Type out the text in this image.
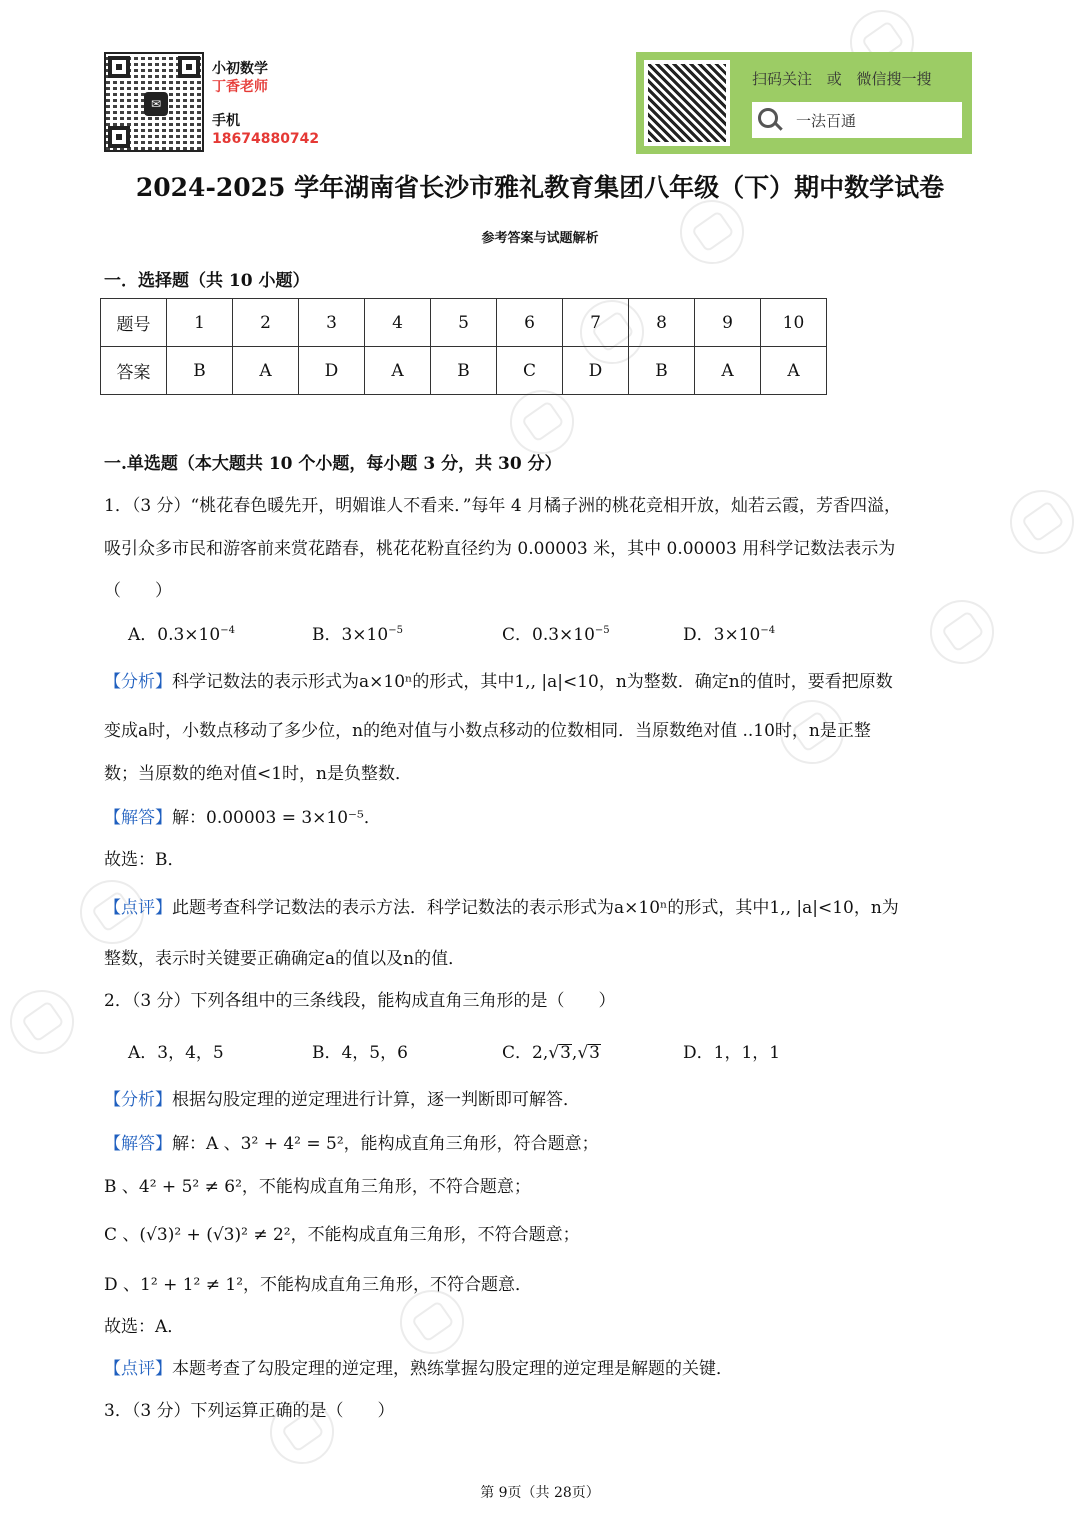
✉
小初数学
丁香老师
手机
18674880742
扫码关注 或 微信搜一搜
一法百通
2024-2025 学年湖南省长沙市雅礼教育集团八年级（下）期中数学试卷
参考答案与试题解析
一．选择题（共 10 小题）
题号	1	2	3	4	5	6	7	8	9	10
答案	B	A	D	A	B	C	D	B	A	A
一.单选题（本大题共 10 个小题，每小题 3 分，共 30 分）
1．（3 分）“桃花春色暖先开，明媚谁人不看来．”每年 4 月橘子洲的桃花竞相开放，灿若云霞，芳香四溢，
吸引众多市民和游客前来赏花踏春，桃花花粉直径约为 0.00003 米，其中 0.00003 用科学记数法表示为
（　　）
A．$0.3\times 10^{-4}$	B．$3\times 10^{-5}$	C．$0.3\times 10^{-5}$	D．$3\times 10^{-4}$
【分析】科学记数法的表示形式为a×10ⁿ的形式，其中1,, |a|<10，n为整数．确定n的值时，要看把原数
变成a时，小数点移动了多少位，n的绝对值与小数点移动的位数相同．当原数绝对值 ..10时，n是正整
数；当原数的绝对值<1时，n是负整数．
【解答】解：0.00003 = 3×10⁻⁵．
故选：B．
【点评】此题考查科学记数法的表示方法．科学记数法的表示形式为a×10ⁿ的形式，其中1,, |a|<10，n为
整数，表示时关键要正确确定a的值以及n的值．
2．（3 分）下列各组中的三条线段，能构成直角三角形的是（　　）
A．3，4，5	B．4，5，6	C．2,√3,√3	D．1，1，1
【分析】根据勾股定理的逆定理进行计算，逐一判断即可解答．
【解答】解：A 、3² + 4² = 5²，能构成直角三角形，符合题意；
B 、4² + 5² ≠ 6²，不能构成直角三角形，不符合题意；
C 、(√3)² + (√3)² ≠ 2²，不能构成直角三角形，不符合题意；
D 、1² + 1² ≠ 1²，不能构成直角三角形，不符合题意．
故选：A．
【点评】本题考查了勾股定理的逆定理，熟练掌握勾股定理的逆定理是解题的关键．
3．（3 分）下列运算正确的是（　　）
第 9页（共 28页）
